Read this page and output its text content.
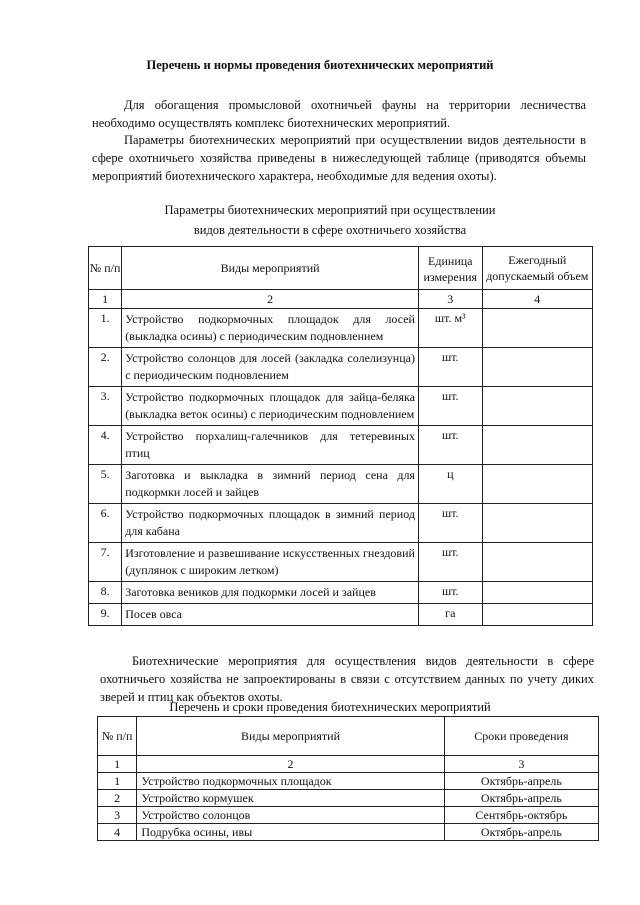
Перечень и нормы проведения биотехнических мероприятий
Для обогащения промысловой охотничьей фауны на территории лесничества необходимо осуществлять комплекс биотехнических мероприятий.
Параметры биотехнических мероприятий при осуществлении видов деятельности в сфере охотничьего хозяйства приведены в нижеследующей таблице (приводятся объемы мероприятий биотехнического характера, необходимые для ведения охоты).
Параметры биотехнических мероприятий при осуществлении
видов деятельности в сфере охотничьего хозяйства
№ п/п	Виды мероприятий	Единица измерения	Ежегодный допускаемый объем
1	2	3	4
1.	Устройство подкормочных площадок для лосей (выкладка осины) с периодическим подновлением	шт. м³	
2.	Устройство солонцов для лосей (закладка солелизунца) с периодическим подновлением	шт.	
3.	Устройство подкормочных площадок для зайца-беляка (выкладка веток осины) с периодическим подновлением	шт.	
4.	Устройство порхалищ-галечников для тетеревиных птиц	шт.	
5.	Заготовка и выкладка в зимний период сена для подкормки лосей и зайцев	ц	
6.	Устройство подкормочных площадок в зимний период для кабана	шт.	
7.	Изготовление и развешивание искусственных гнездовий (дуплянок с широким летком)	шт.	
8.	Заготовка веников для подкормки лосей и зайцев	шт.	
9.	Посев овса	га	
Биотехнические мероприятия для осуществления видов деятельности в сфере охотничьего хозяйства не запроектированы в связи с отсутствием данных по учету диких зверей и птиц как объектов охоты.
Перечень и сроки проведения биотехнических мероприятий
№ п/п	Виды мероприятий	Сроки проведения
1	2	3
1	Устройство подкормочных площадок	Октябрь-апрель
2	Устройство кормушек	Октябрь-апрель
3	Устройство солонцов	Сентябрь-октябрь
4	Подрубка осины, ивы	Октябрь-апрель
